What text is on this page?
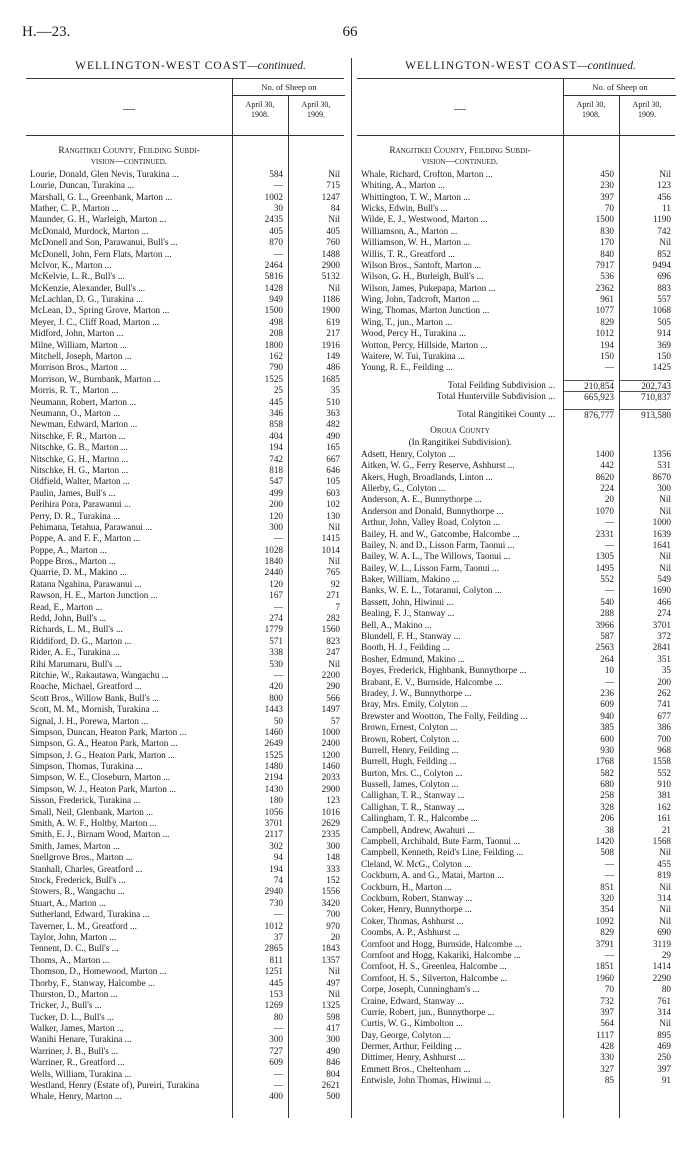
H.—23.	66
WELLINGTON-WEST COAST—continued.	WELLINGTON-WEST COAST—continued.
—
No. of Sheep on
April 30,
1908.
April 30,
1909.
Rangitikei County, Feilding Subdi-
vision—continued.
Lourie, Donald, Glen Nevis, Turakina ...	584	Nil
Lourie, Duncan, Turakina ...	—	715
Marshall, G. L., Greenbank, Marton ...	1002	1247
Mather, C. P., Marton ...	30	84
Maunder, G. H., Warleigh, Marton ...	2435	Nil
McDonald, Murdock, Marton ...	405	405
McDonell and Son, Parawanui, Bull's ...	870	760
McDonell, John, Fern Flats, Marton ...	—	1488
McIvor, K., Marton ...	2464	2900
McKelvie, L. R., Bull's ...	5816	5132
McKenzie, Alexander, Bull's ...	1428	Nil
McLachlan, D. G., Turakina ...	949	1186
McLean, D., Spring Grove, Marton ...	1500	1900
Meyer, J. C., Cliff Road, Marton ...	498	619
Midford, John, Marton ...	208	217
Milne, William, Marton ...	1800	1916
Mitchell, Joseph, Marton ...	162	149
Morrison Bros., Marton ...	790	486
Morrison, W., Burnbank, Marton ...	1525	1685
Morris, R. T., Marton ...	25	35
Neumann, Robert, Marton ...	445	510
Neumann, O., Marton ...	346	363
Newman, Edward, Marton ...	858	482
Nitschke, F. R., Marton ...	404	490
Nitschke, G. B., Marton ...	194	165
Nitschke, G. H., Marton ...	742	667
Nitschke, H. G., Marton ...	818	646
Oldfield, Walter, Marton ...	547	105
Paulin, James, Bull's ...	499	603
Perihira Pora, Parawanui ...	200	102
Perry, D. R., Turakina ...	120	130
Pehimana, Tetahua, Parawanui ...	300	Nil
Poppe, A. and F. F., Marton ...	—	1415
Poppe, A., Marton ...	1028	1014
Poppe Bros., Marton ...	1840	Nil
Quarrie, D. M., Makino ...	2440	765
Ratana Ngahina, Parawanui ...	120	92
Rawson, H. E., Marton Junction ...	167	271
Read, E., Marton ...	—	7
Redd, John, Bull's ...	274	282
Richards, L. M., Bull's ...	1779	1560
Riddiford, D. G., Marton ...	571	823
Rider, A. E., Turakina ...	338	247
Rihi Marumaru, Bull's ...	530	Nil
Ritchie, W., Rakautawa, Wangachu ...	—	2200
Roache, Michael, Greatford ...	420	290
Scott Bros., Willow Bank, Bull's ...	800	566
Scott, M. M., Mornish, Turakina ...	1443	1497
Signal, J. H., Porewa, Marton ...	50	57
Simpson, Duncan, Heaton Park, Marton ...	1460	1000
Simpson, G. A., Heaton Park, Marton ...	2649	2400
Simpson, J. G., Heaton Park, Marton ...	1525	1200
Simpson, Thomas, Turakina ...	1480	1460
Simpson, W. E., Closeburn, Marton ...	2194	2033
Simpson, W. J., Heaton Park, Marton ...	1430	2900
Sisson, Frederick, Turakina ...	180	123
Small, Neil, Glenbank, Marton ...	1056	1016
Smith, A. W. F., Holtby, Marton ...	3701	2629
Smith, E. J., Birnam Wood, Marton ...	2117	2335
Smith, James, Marton ...	302	300
Snellgrove Bros., Marton ...	94	148
Stanhall, Charles, Greatford ...	194	333
Stock, Frederick, Bull's ...	74	152
Stowers, R., Wangachu ...	2940	1556
Stuart, A., Marton ...	730	3420
Sutherland, Edward, Turakina ...	—	700
Taverner, L. M., Greatford ...	1012	970
Taylor, John, Marton ...	37	20
Tennent, D. C., Bull's ...	2865	1843
Thoms, A., Marton ...	811	1357
Thomson, D., Homewood, Marton ...	1251	Nil
Thorby, F., Stanway, Halcombe ...	445	497
Thurston, D., Marton ...	153	Nil
Tricker, J., Bull's ...	1269	1325
Tucker, D. L., Bull's ...	80	598
Walker, James, Marton ...	—	417
Wanihi Henare, Turakina ...	300	300
Warriner, J. B., Bull's ...	727	490
Warriner, R., Greatford ...	609	846
Wells, William, Turakina ...	—	804
Westland, Henry (Estate of), Pureiri, Turakina	—	2621
Whale, Henry, Marton ...	400	500
—
No. of Sheep on
April 30,
1908.
April 30,
1909.
Rangitikei County, Feilding Subdi-
vision—continued.
Whale, Richard, Crofton, Marton ...	450	Nil
Whiting, A., Marton ...	230	123
Whittington, T. W., Marton ...	397	456
Wicks, Edwin, Bull's ...	70	11
Wilde, E. J., Westwood, Marton ...	1500	1190
Williamson, A., Marton ...	830	742
Williamson, W. H., Marton ...	170	Nil
Willis, T. R., Greatford ...	840	852
Wilson Bros., Santoft, Marton ...	7917	9494
Wilson, G. H., Burleigh, Bull's ...	536	696
Wilson, James, Pukepapa, Marton ...	2362	883
Wing, John, Tadcroft, Marton ...	961	557
Wing, Thomas, Marton Junction ...	1077	1068
Wing, T., jun., Marton ...	829	505
Wood, Percy H., Turakina ...	1012	914
Wotton, Percy, Hillside, Marton ...	194	369
Waitere, W. Tui, Turakina ...	150	150
Young, R. E., Feilding ...	—	1425
Total Feilding Subdivision ...	210,854	202,743
Total Hunterville Subdivision ...	665,923	710,837
Total Rangitikei County ...	876,777	913,580
Oroua County
(In Rangitikei Subdivision).
Adsett, Henry, Colyton ...	1400	1356
Aitken, W. G., Ferry Reserve, Ashhurst ...	442	531
Akers, Hugh, Broadlands, Linton ...	8620	8670
Allerby, G., Colyton ...	224	300
Anderson, A. E., Bunnythorpe ...	20	Nil
Anderson and Donald, Bunnythorpe ...	1070	Nil
Arthur, John, Valley Road, Colyton ...	—	1000
Bailey, H. and W., Gatcombe, Halcombe ...	2331	1639
Bailey, N. and D., Lisson Farm, Taonui ...	—	1641
Bailey, W. A. L., The Willows, Taonui ...	1305	Nil
Bailey, W. L., Lisson Farm, Taonui ...	1495	Nil
Baker, William, Makino ...	552	549
Banks, W. E. L., Totaranui, Colyton ...	—	1690
Bassett, John, Hiwinui ...	540	466
Bealing, F. J., Stanway ...	288	274
Bell, A., Makino ...	3966	3701
Blundell, F. H., Stanway ...	587	372
Booth, H. J., Feilding ...	2563	2841
Bosher, Edmund, Makino ...	264	351
Boyes, Frederick, Highbank, Bunnythorpe ...	10	35
Brabant, E. V., Burnside, Halcombe ...	—	200
Bradey, J. W., Bunnythorpe ...	236	262
Bray, Mrs. Emily, Colyton ...	609	741
Brewster and Wootton, The Folly, Feilding ...	940	677
Brown, Ernest, Colyton ...	385	386
Brown, Robert, Colyton ...	600	700
Burrell, Henry, Feilding ...	930	968
Burrell, Hugh, Feilding ...	1768	1558
Burton, Mrs. C., Colyton ...	582	552
Bussell, James, Colyton ...	680	910
Callighan, T. R., Stanway ...	258	381
Callighan, T. R., Stanway ...	328	162
Callingham, T. R., Halcombe ...	206	161
Campbell, Andrew, Awahuri ...	38	21
Campbell, Archibald, Bute Farm, Taonui ...	1420	1568
Campbell, Kenneth, Reid's Line, Feilding ...	508	Nil
Cleland, W. McG., Colyton ...	—	455
Cockburn, A. and G., Matai, Marton ...	—	819
Cockburn, H., Marton ...	851	Nil
Cockburn, Robert, Stanway ...	320	314
Coker, Henry, Bunnythorpe ...	354	Nil
Coker, Thomas, Ashhurst ...	1092	Nil
Coombs, A. P., Ashhurst ...	829	690
Cornfoot and Hogg, Burnside, Halcombe ...	3791	3119
Cornfoot and Hogg, Kakariki, Halcombe ...	—	29
Cornfoot, H. S., Greenlea, Halcombe ...	1851	1414
Cornfoot, H. S., Silverton, Halcombe ...	1960	2290
Corpe, Joseph, Cunningham's ...	70	80
Craine, Edward, Stanway ...	732	761
Currie, Robert, jun., Bunnythorpe ...	397	314
Curtis, W. G., Kimbolton ...	564	Nil
Day, George, Colyton ...	1117	895
Dermer, Arthur, Feilding ...	428	469
Dittimer, Henry, Ashhurst ...	330	250
Emmett Bros., Cheltenham ...	327	397
Entwisle, John Thomas, Hiwinui ...	85	91
